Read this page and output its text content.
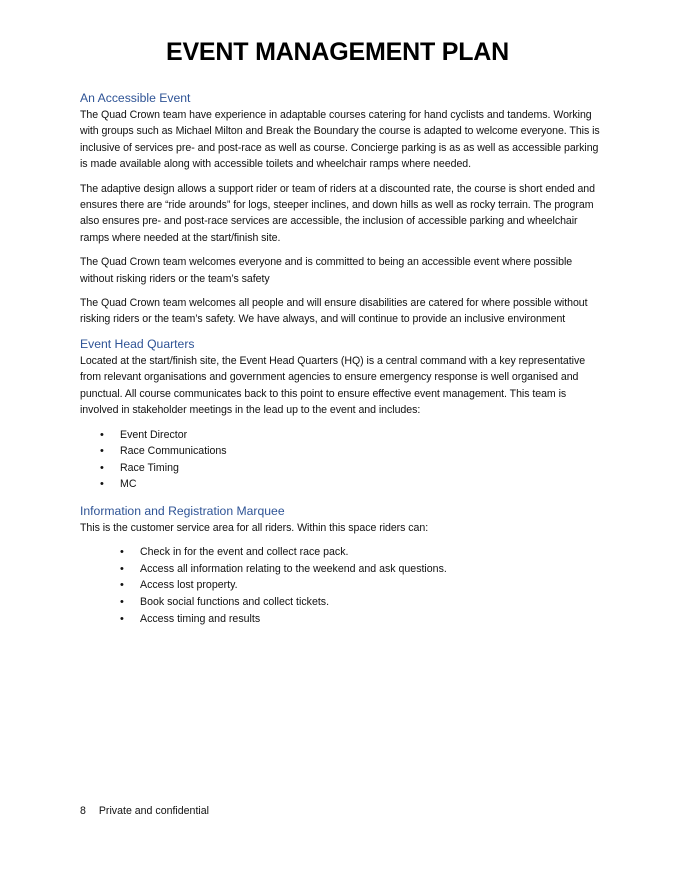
EVENT MANAGEMENT PLAN
An Accessible Event

The Quad Crown team have experience in adaptable courses catering for hand cyclists and tandems. Working with groups such as Michael Milton and Break the Boundary the course is adapted to welcome everyone. This is inclusive of services pre- and post-race as well as course. Concierge parking is as as well as accessible parking is made available along with accessible toilets and wheelchair ramps where needed.

The adaptive design allows a support rider or team of riders at a discounted rate, the course is short ended and ensures there are “ride arounds” for logs, steeper inclines, and down hills as well as rocky terrain. The program also ensures pre- and post-race services are accessible, the inclusion of accessible parking and wheelchair ramps where needed at the start/finish site.

The Quad Crown team welcomes everyone and is committed to being an accessible event where possible without risking riders or the team’s safety

The Quad Crown team welcomes all people and will ensure disabilities are catered for where possible without risking riders or the team’s safety. We have always, and will continue to provide an inclusive environment

Event Head Quarters

Located at the start/finish site, the Event Head Quarters (HQ) is a central command with a key representative from relevant organisations and government agencies to ensure emergency response is well organised and punctual. All course communicates back to this point to ensure effective event management. This team is involved in stakeholder meetings in the lead up to the event and includes:

• Event Director
• Race Communications
• Race Timing
• MC
Information and Registration Marquee

This is the customer service area for all riders. Within this space riders can:

• Check in for the event and collect race pack.
• Access all information relating to the weekend and ask questions.
• Access lost property.
• Book social functions and collect tickets.
• Access timing and results
8 Private and confidential
